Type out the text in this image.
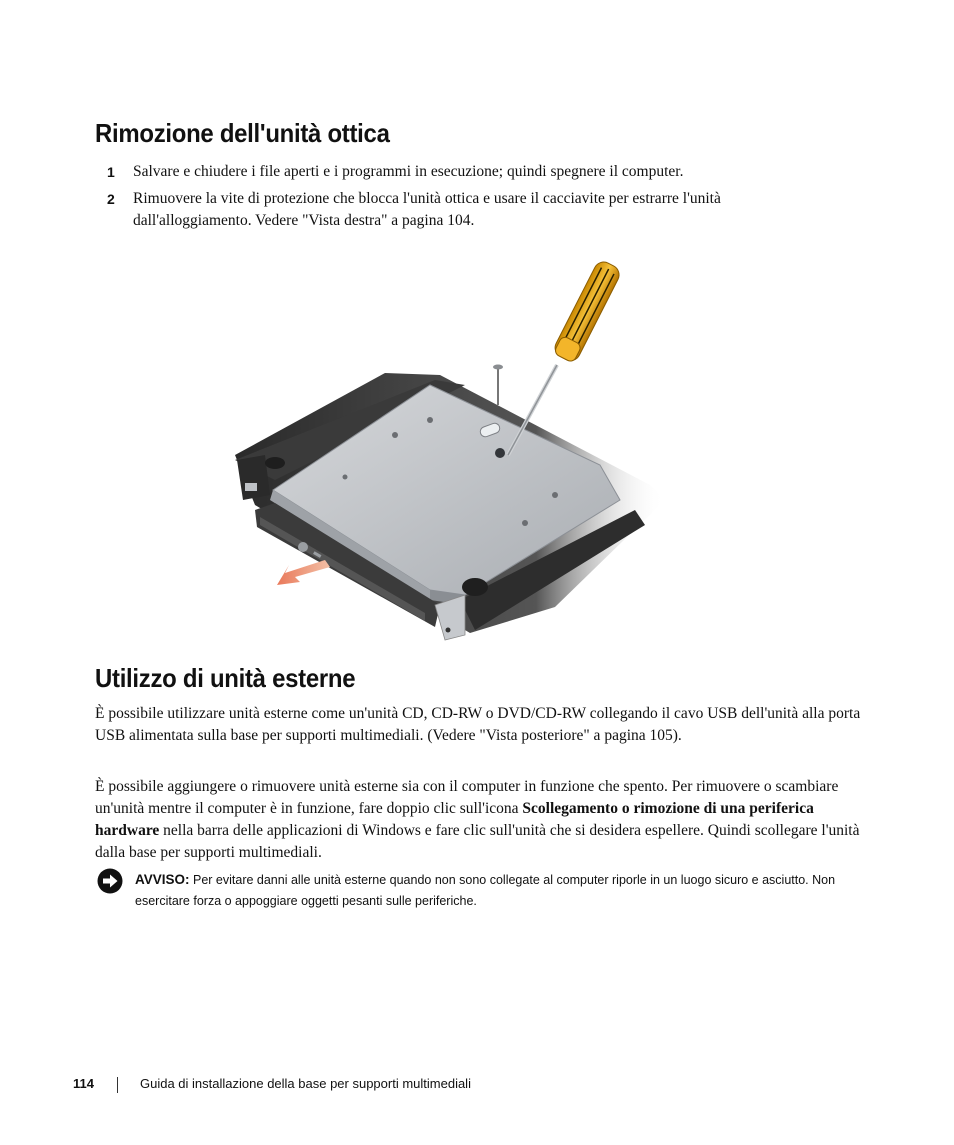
Rimozione dell'unità ottica
1 Salvare e chiudere i file aperti e i programmi in esecuzione; quindi spegnere il computer.
2 Rimuovere la vite di protezione che blocca l'unità ottica e usare il cacciavite per estrarre l'unità dall'alloggiamento. Vedere "Vista destra" a pagina 104.
Utilizzo di unità esterne

È possibile utilizzare unità esterne come un'unità CD, CD-RW o DVD/CD-RW collegando il cavo USB dell'unità alla porta USB alimentata sulla base per supporti multimediali. (Vedere "Vista posteriore" a pagina 105).

È possibile aggiungere o rimuovere unità esterne sia con il computer in funzione che spento. Per rimuovere o scambiare un'unità mentre il computer è in funzione, fare doppio clic sull'icona Scollegamento o rimozione di una periferica hardware nella barra delle applicazioni di Windows e fare clic sull'unità che si desidera espellere. Quindi scollegare l'unità dalla base per supporti multimediali.

AVVISO: Per evitare danni alle unità esterne quando non sono collegate al computer riporle in un luogo sicuro e asciutto. Non esercitare forza o appoggiare oggetti pesanti sulle periferiche.
114	Guida di installazione della base per supporti multimediali
